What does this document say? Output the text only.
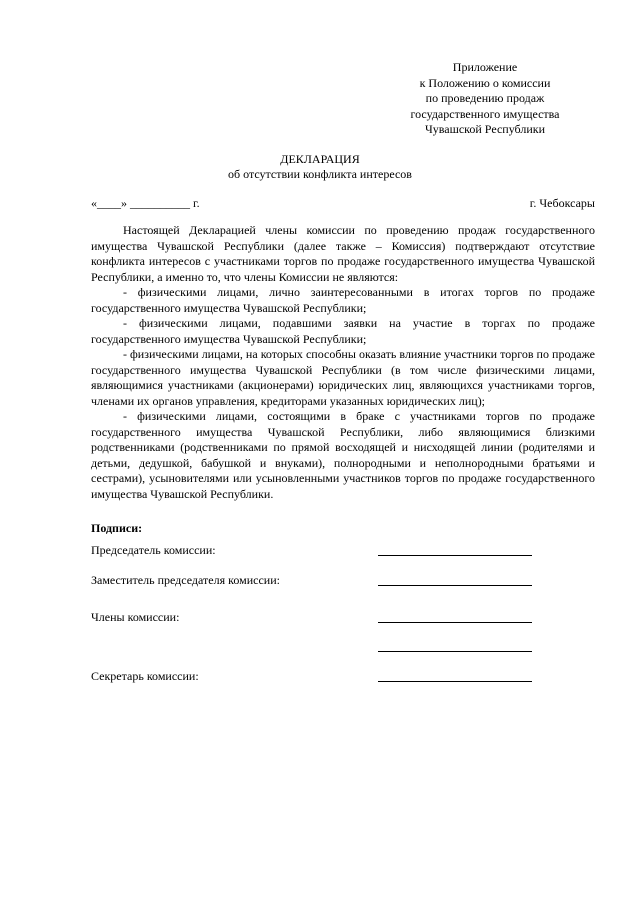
Приложение
к Положению о комиссии
по проведению продаж
государственного имущества
Чувашской Республики
ДЕКЛАРАЦИЯ
об отсутствии конфликта интересов
«____» __________ г.	г. Чебоксары

Настоящей Декларацией члены комиссии по проведению продаж государственного имущества Чувашской Республики (далее также – Комиссия) подтверждают отсутствие конфликта интересов с участниками торгов по продаже государственного имущества Чувашской Республики, а именно то, что члены Комиссии не являются:

- физическими лицами, лично заинтересованными в итогах торгов по продаже государственного имущества Чувашской Республики;

- физическими лицами, подавшими заявки на участие в торгах по продаже государственного имущества Чувашской Республики;

- физическими лицами, на которых способны оказать влияние участники торгов по продаже государственного имущества Чувашской Республики (в том числе физическими лицами, являющимися участниками (акционерами) юридических лиц, являющихся участниками торгов, членами их органов управления, кредиторами указанных юридических лиц);

- физическими лицами, состоящими в браке с участниками торгов по продаже государственного имущества Чувашской Республики, либо являющимися близкими родственниками (родственниками по прямой восходящей и нисходящей линии (родителями и детьми, дедушкой, бабушкой и внуками), полнородными и неполнородными братьями и сестрами), усыновителями или усыновленными участников торгов по продаже государственного имущества Чувашской Республики.

Подписи:
Председатель комиссии:
Заместитель председателя комиссии:
Члены комиссии:
Секретарь комиссии:
